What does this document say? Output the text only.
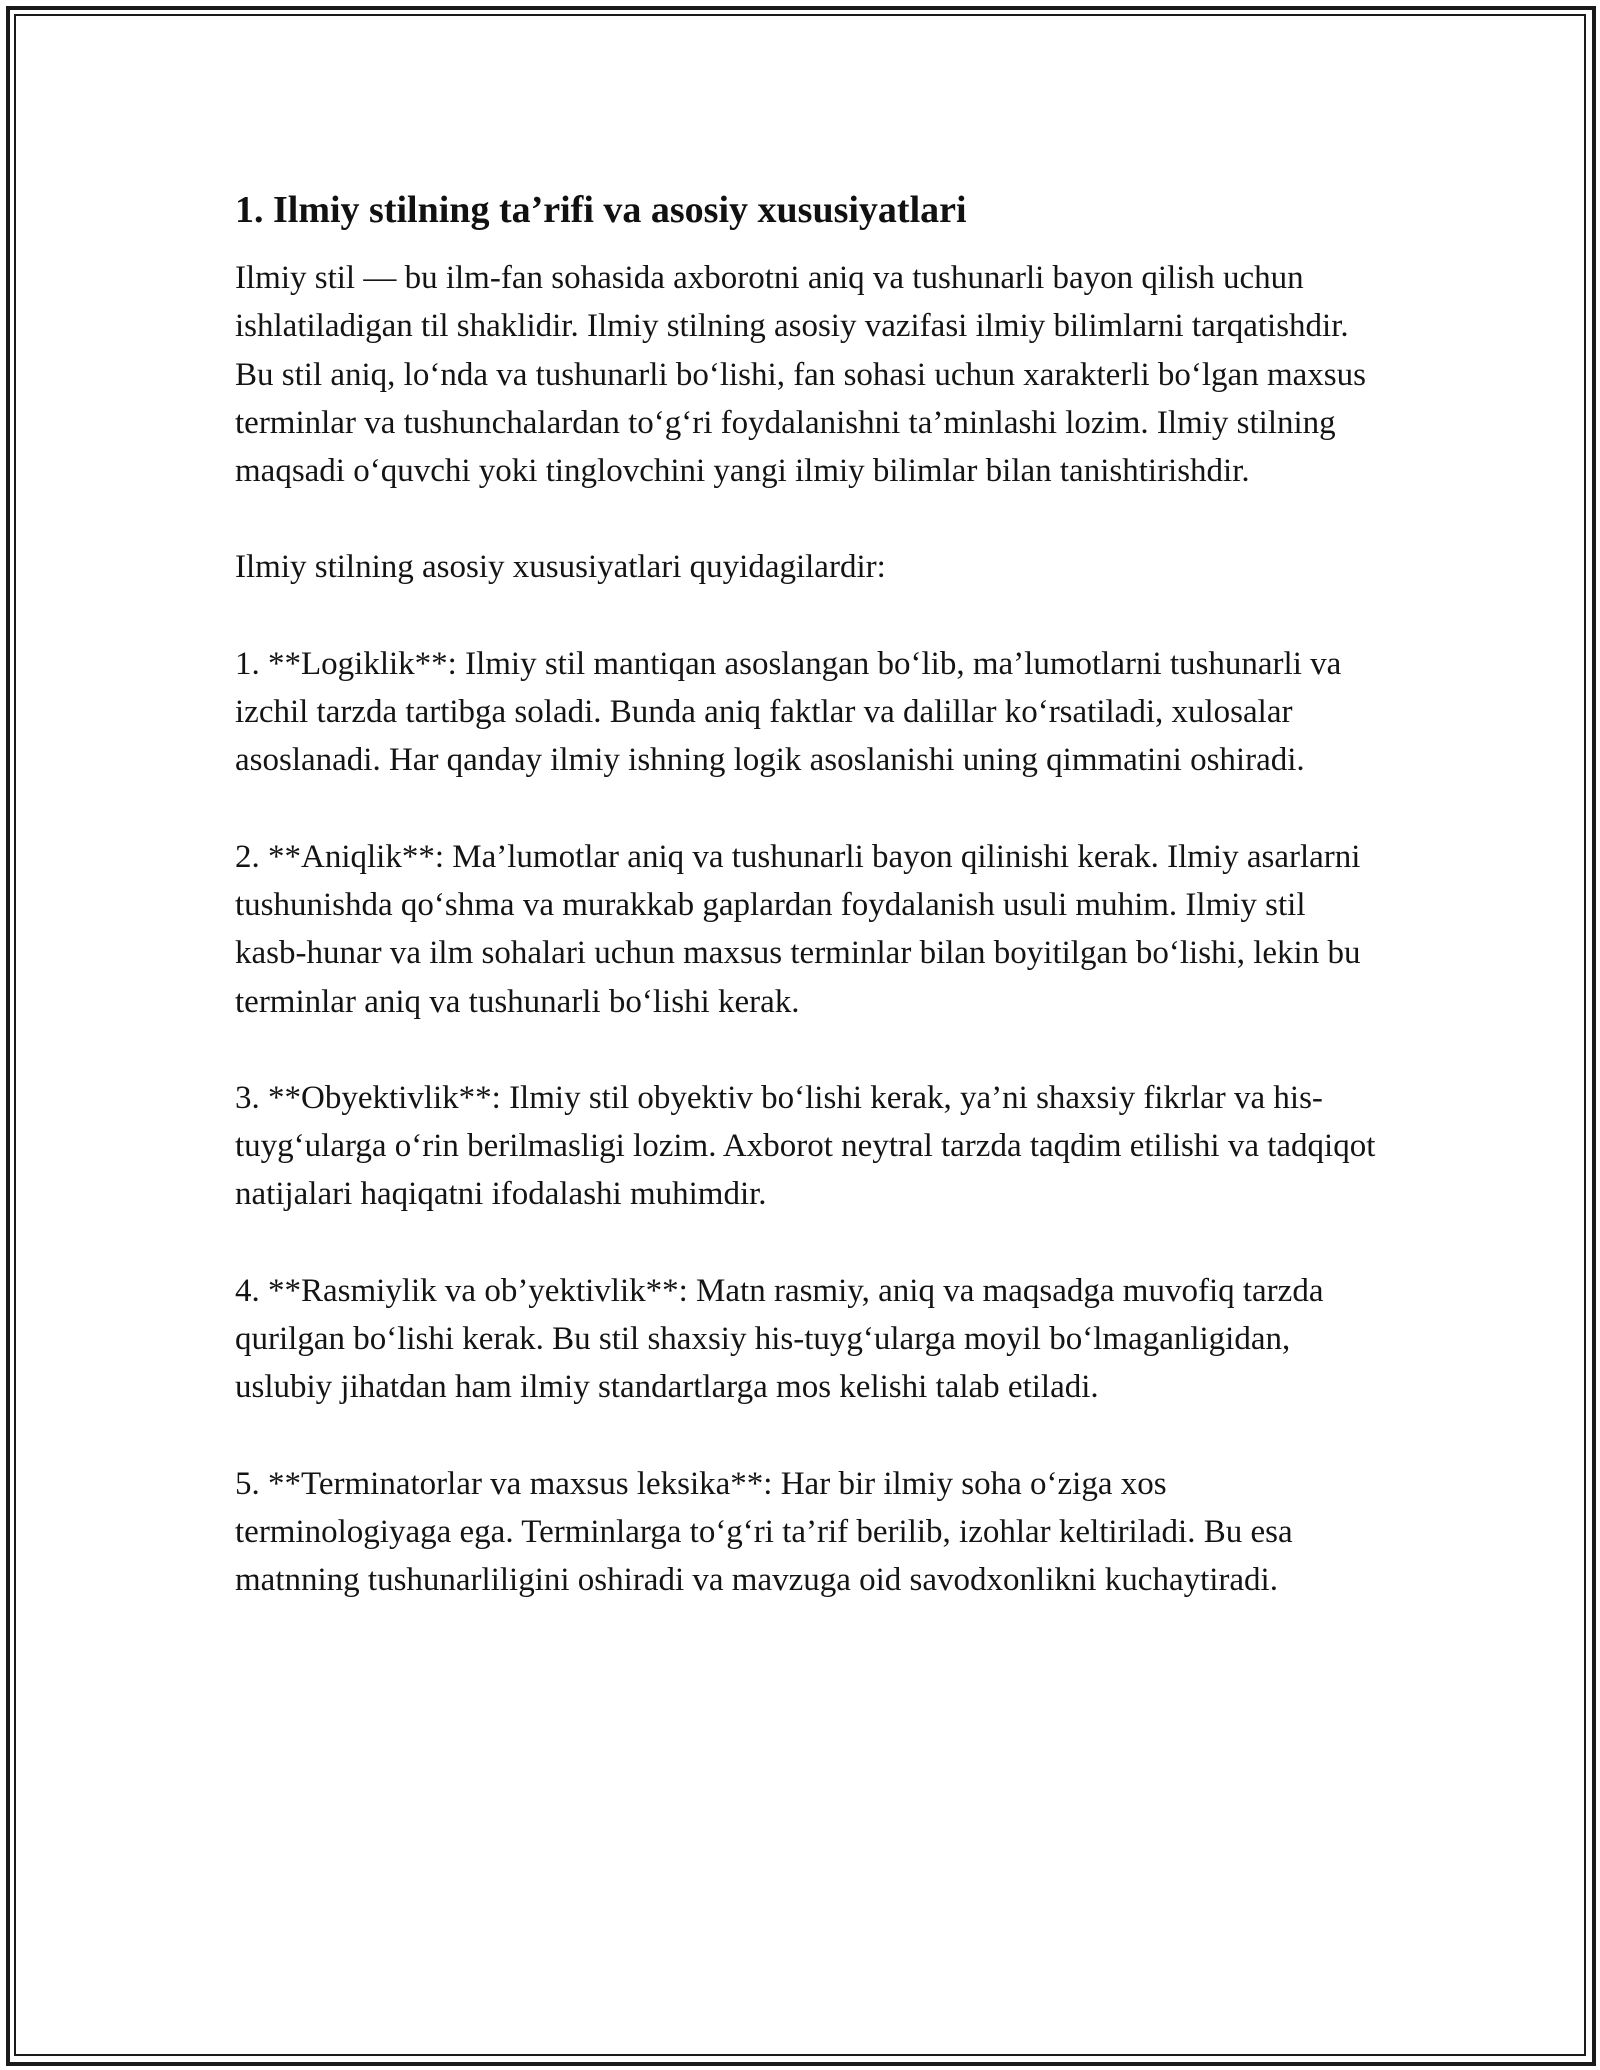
1. Ilmiy stilning ta’rifi va asosiy xususiyatlari

Ilmiy stil — bu ilm-fan sohasida axborotni aniq va tushunarli bayon qilish uchun ishlatiladigan til shaklidir. Ilmiy stilning asosiy vazifasi ilmiy bilimlarni tarqatishdir. Bu stil aniq, lo‘nda va tushunarli bo‘lishi, fan sohasi uchun xarakterli bo‘lgan maxsus terminlar va tushunchalardan to‘g‘ri foydalanishni ta’minlashi lozim. Ilmiy stilning maqsadi o‘quvchi yoki tinglovchini yangi ilmiy bilimlar bilan tanishtirishdir.

Ilmiy stilning asosiy xususiyatlari quyidagilardir:

1. **Logiklik**: Ilmiy stil mantiqan asoslangan bo‘lib, ma’lumotlarni tushunarli va izchil tarzda tartibga soladi. Bunda aniq faktlar va dalillar ko‘rsatiladi, xulosalar asoslanadi. Har qanday ilmiy ishning logik asoslanishi uning qimmatini oshiradi.

2. **Aniqlik**: Ma’lumotlar aniq va tushunarli bayon qilinishi kerak. Ilmiy asarlarni tushunishda qo‘shma va murakkab gaplardan foydalanish usuli muhim. Ilmiy stil kasb-hunar va ilm sohalari uchun maxsus terminlar bilan boyitilgan bo‘lishi, lekin bu terminlar aniq va tushunarli bo‘lishi kerak.

3. **Obyektivlik**: Ilmiy stil obyektiv bo‘lishi kerak, ya’ni shaxsiy fikrlar va his-tuyg‘ularga o‘rin berilmasligi lozim. Axborot neytral tarzda taqdim etilishi va tadqiqot natijalari haqiqatni ifodalashi muhimdir.

4. **Rasmiylik va ob’yektivlik**: Matn rasmiy, aniq va maqsadga muvofiq tarzda qurilgan bo‘lishi kerak. Bu stil shaxsiy his-tuyg‘ularga moyil bo‘lmaganligidan, uslubiy jihatdan ham ilmiy standartlarga mos kelishi talab etiladi.

5. **Terminatorlar va maxsus leksika**: Har bir ilmiy soha o‘ziga xos terminologiyaga ega. Terminlarga to‘g‘ri ta’rif berilib, izohlar keltiriladi. Bu esa matnning tushunarliligini oshiradi va mavzuga oid savodxonlikni kuchaytiradi.
